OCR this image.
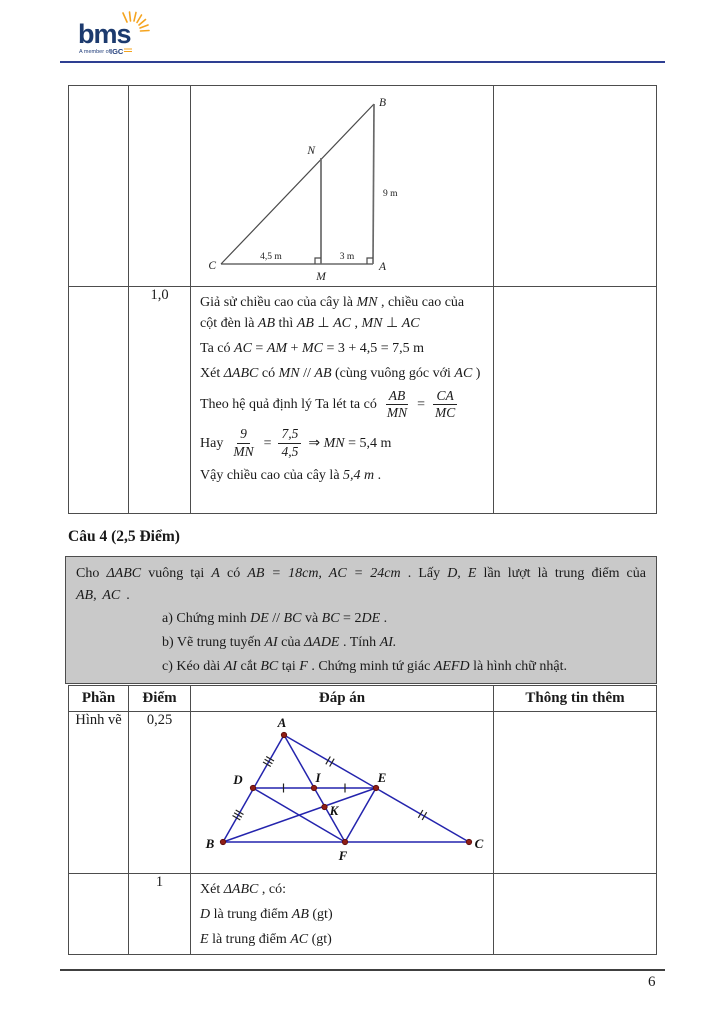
bms
A member of IGC

B
N
C	A
M
4,5 m	3 m
9 m

	1,0	Giả sử chiều cao của cây là MN , chiều cao của cột đèn là AB thì AB ⊥ AC , MN ⊥ AC

Ta có AC = AM + MC = 3 + 4,5 = 7,5 m

Xét ΔABC có MN // AB (cùng vuông góc với AC )

Theo hệ quả định lý Ta lét ta có $\frac{AB}{MN} = \frac{CA}{MC}$
Hay $\frac{9}{MN} = \frac{7,5}{4,5}$ ⇒ MN = 5,4 m

Vậy chiều cao của cây là 5,4 m .

Câu 4 (2,5 Điểm)

Cho ΔABC vuông tại A có AB = 18cm, AC = 24cm . Lấy D, E lần lượt là trung điểm của AB, AC .

a) Chứng minh DE // BC và BC = 2DE .

b) Vẽ trung tuyến AI của ΔADE . Tính AI.

c) Kéo dài AI cắt BC tại F . Chứng minh tứ giác AEFD là hình chữ nhật.

Phần	Điểm	Đáp án	Thông tin thêm
Hình vẽ	0,25	A
D	I	E
K
B
F
C

	1	Xét ΔABC , có:

D là trung điểm AB (gt)

E là trung điểm AC (gt)	

6
